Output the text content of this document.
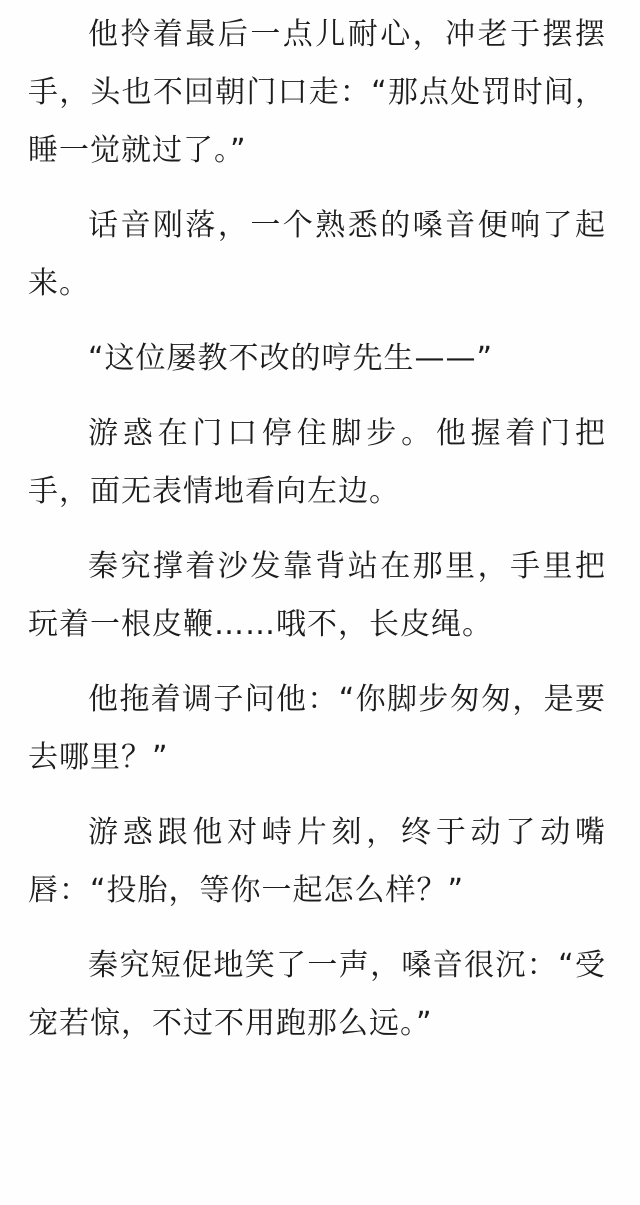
他拎着最后一点儿耐心，冲老于摆摆手，头也不回朝门口走：“那点处罚时间，睡一觉就过了。”

话音刚落，一个熟悉的嗓音便响了起来。

“这位屡教不改的哼先生——”

游惑在门口停住脚步。他握着门把手，面无表情地看向左边。

秦究撑着沙发靠背站在那里，手里把玩着一根皮鞭……哦不，长皮绳。

他拖着调子问他：“你脚步匆匆，是要去哪里？”

游惑跟他对峙片刻，终于动了动嘴唇：“投胎，等你一起怎么样？”

秦究短促地笑了一声，嗓音很沉：“受宠若惊，不过不用跑那么远。”
